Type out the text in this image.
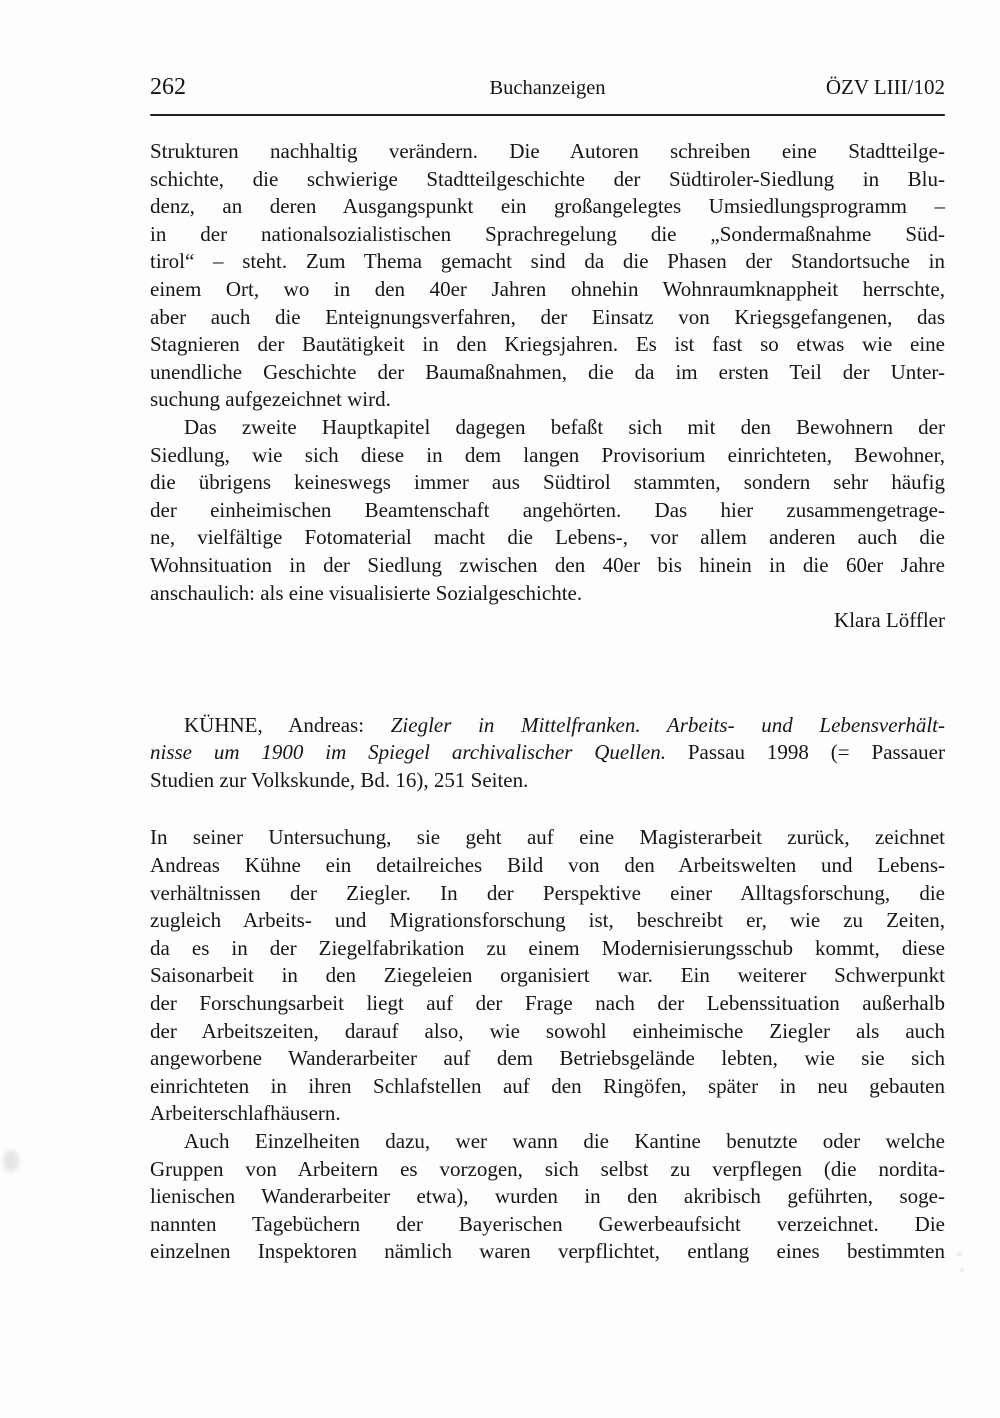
262	Buchanzeigen	ÖZV LIII/102
Strukturen nachhaltig verändern. Die Autoren schreiben eine Stadtteilge-
schichte, die schwierige Stadtteilgeschichte der Südtiroler-Siedlung in Blu-
denz, an deren Ausgangspunkt ein großangelegtes Umsiedlungsprogramm –
in der nationalsozialistischen Sprachregelung die „Sondermaßnahme Süd-
tirol“ – steht. Zum Thema gemacht sind da die Phasen der Standortsuche in
einem Ort, wo in den 40er Jahren ohnehin Wohnraumknappheit herrschte,
aber auch die Enteignungsverfahren, der Einsatz von Kriegsgefangenen, das
Stagnieren der Bautätigkeit in den Kriegsjahren. Es ist fast so etwas wie eine
unendliche Geschichte der Baumaßnahmen, die da im ersten Teil der Unter-
suchung aufgezeichnet wird.
Das zweite Hauptkapitel dagegen befaßt sich mit den Bewohnern der
Siedlung, wie sich diese in dem langen Provisorium einrichteten, Bewohner,
die übrigens keineswegs immer aus Südtirol stammten, sondern sehr häufig
der einheimischen Beamtenschaft angehörten. Das hier zusammengetrage-
ne, vielfältige Fotomaterial macht die Lebens-, vor allem anderen auch die
Wohnsituation in der Siedlung zwischen den 40er bis hinein in die 60er Jahre
anschaulich: als eine visualisierte Sozialgeschichte.
Klara Löffler
KÜHNE, Andreas: Ziegler in Mittelfranken. Arbeits- und Lebensverhält-
nisse um 1900 im Spiegel archivalischer Quellen. Passau 1998 (= Passauer
Studien zur Volkskunde, Bd. 16), 251 Seiten.
In seiner Untersuchung, sie geht auf eine Magisterarbeit zurück, zeichnet
Andreas Kühne ein detailreiches Bild von den Arbeitswelten und Lebens-
verhältnissen der Ziegler. In der Perspektive einer Alltagsforschung, die
zugleich Arbeits- und Migrationsforschung ist, beschreibt er, wie zu Zeiten,
da es in der Ziegelfabrikation zu einem Modernisierungsschub kommt, diese
Saisonarbeit in den Ziegeleien organisiert war. Ein weiterer Schwerpunkt
der Forschungsarbeit liegt auf der Frage nach der Lebenssituation außerhalb
der Arbeitszeiten, darauf also, wie sowohl einheimische Ziegler als auch
angeworbene Wanderarbeiter auf dem Betriebsgelände lebten, wie sie sich
einrichteten in ihren Schlafstellen auf den Ringöfen, später in neu gebauten
Arbeiterschlafhäusern.
Auch Einzelheiten dazu, wer wann die Kantine benutzte oder welche
Gruppen von Arbeitern es vorzogen, sich selbst zu verpflegen (die nordita-
lienischen Wanderarbeiter etwa), wurden in den akribisch geführten, soge-
nannten Tagebüchern der Bayerischen Gewerbeaufsicht verzeichnet. Die
einzelnen Inspektoren nämlich waren verpflichtet, entlang eines bestimmten
